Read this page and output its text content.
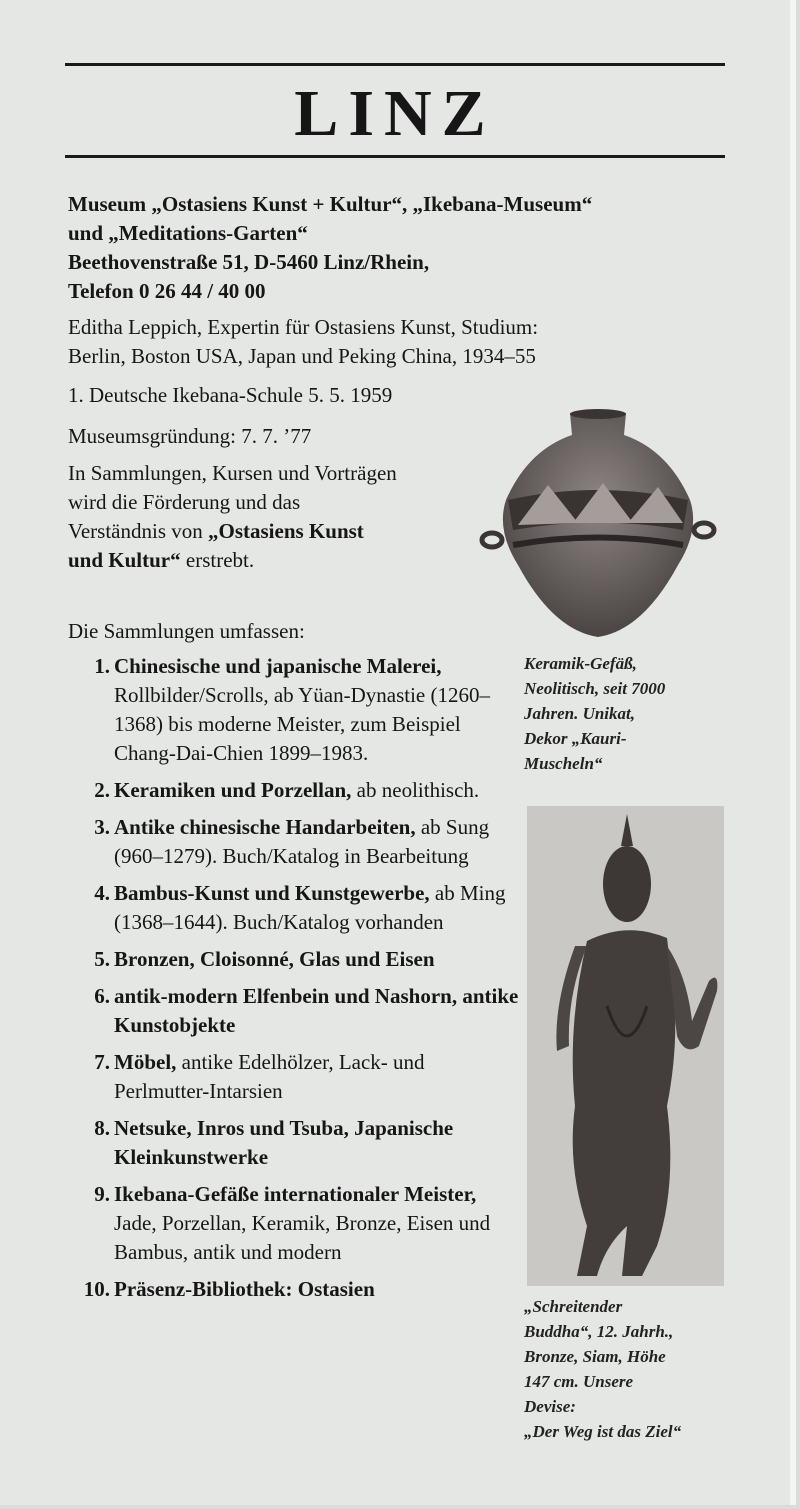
LINZ
Museum „Ostasiens Kunst + Kultur“, „Ikebana-Museum“
und „Meditations-Garten“
Beethovenstraße 51, D-5460 Linz/Rhein,
Telefon 0 26 44 / 40 00
Editha Leppich, Expertin für Ostasiens Kunst, Studium:
Berlin, Boston USA, Japan und Peking China, 1934–55
1. Deutsche Ikebana-Schule 5. 5. 1959
Museumsgründung: 7. 7. ’77
In Sammlungen, Kursen und Vorträgen
wird die Förderung und das
Verständnis von „Ostasiens Kunst
und Kultur“ erstrebt.
Die Sammlungen umfassen:
1. Chinesische und japanische Malerei, Rollbilder/Scrolls, ab Yüan-Dynastie (1260–1368) bis moderne Meister, zum Beispiel Chang-Dai-Chien 1899–1983.
2. Keramiken und Porzellan, ab neolithisch.
3. Antike chinesische Handarbeiten, ab Sung (960–1279). Buch/Katalog in Bearbeitung
4. Bambus-Kunst und Kunstgewerbe, ab Ming (1368–1644). Buch/Katalog vorhanden
5. Bronzen, Cloisonné, Glas und Eisen
6. antik-modern Elfenbein und Nashorn, antike Kunstobjekte
7. Möbel, antike Edelhölzer, Lack- und Perlmutter-Intarsien
8. Netsuke, Inros und Tsuba, Japanische Kleinkunstwerke
9. Ikebana-Gefäße internationaler Meister, Jade, Porzellan, Keramik, Bronze, Eisen und Bambus, antik und modern
10. Präsenz-Bibliothek: Ostasien
Keramik-Gefäß,
Neolitisch, seit 7000
Jahren. Unikat,
Dekor „Kauri-
Muscheln“
„Schreitender
Buddha“, 12. Jahrh.,
Bronze, Siam, Höhe
147 cm. Unsere
Devise:
„Der Weg ist das Ziel“
